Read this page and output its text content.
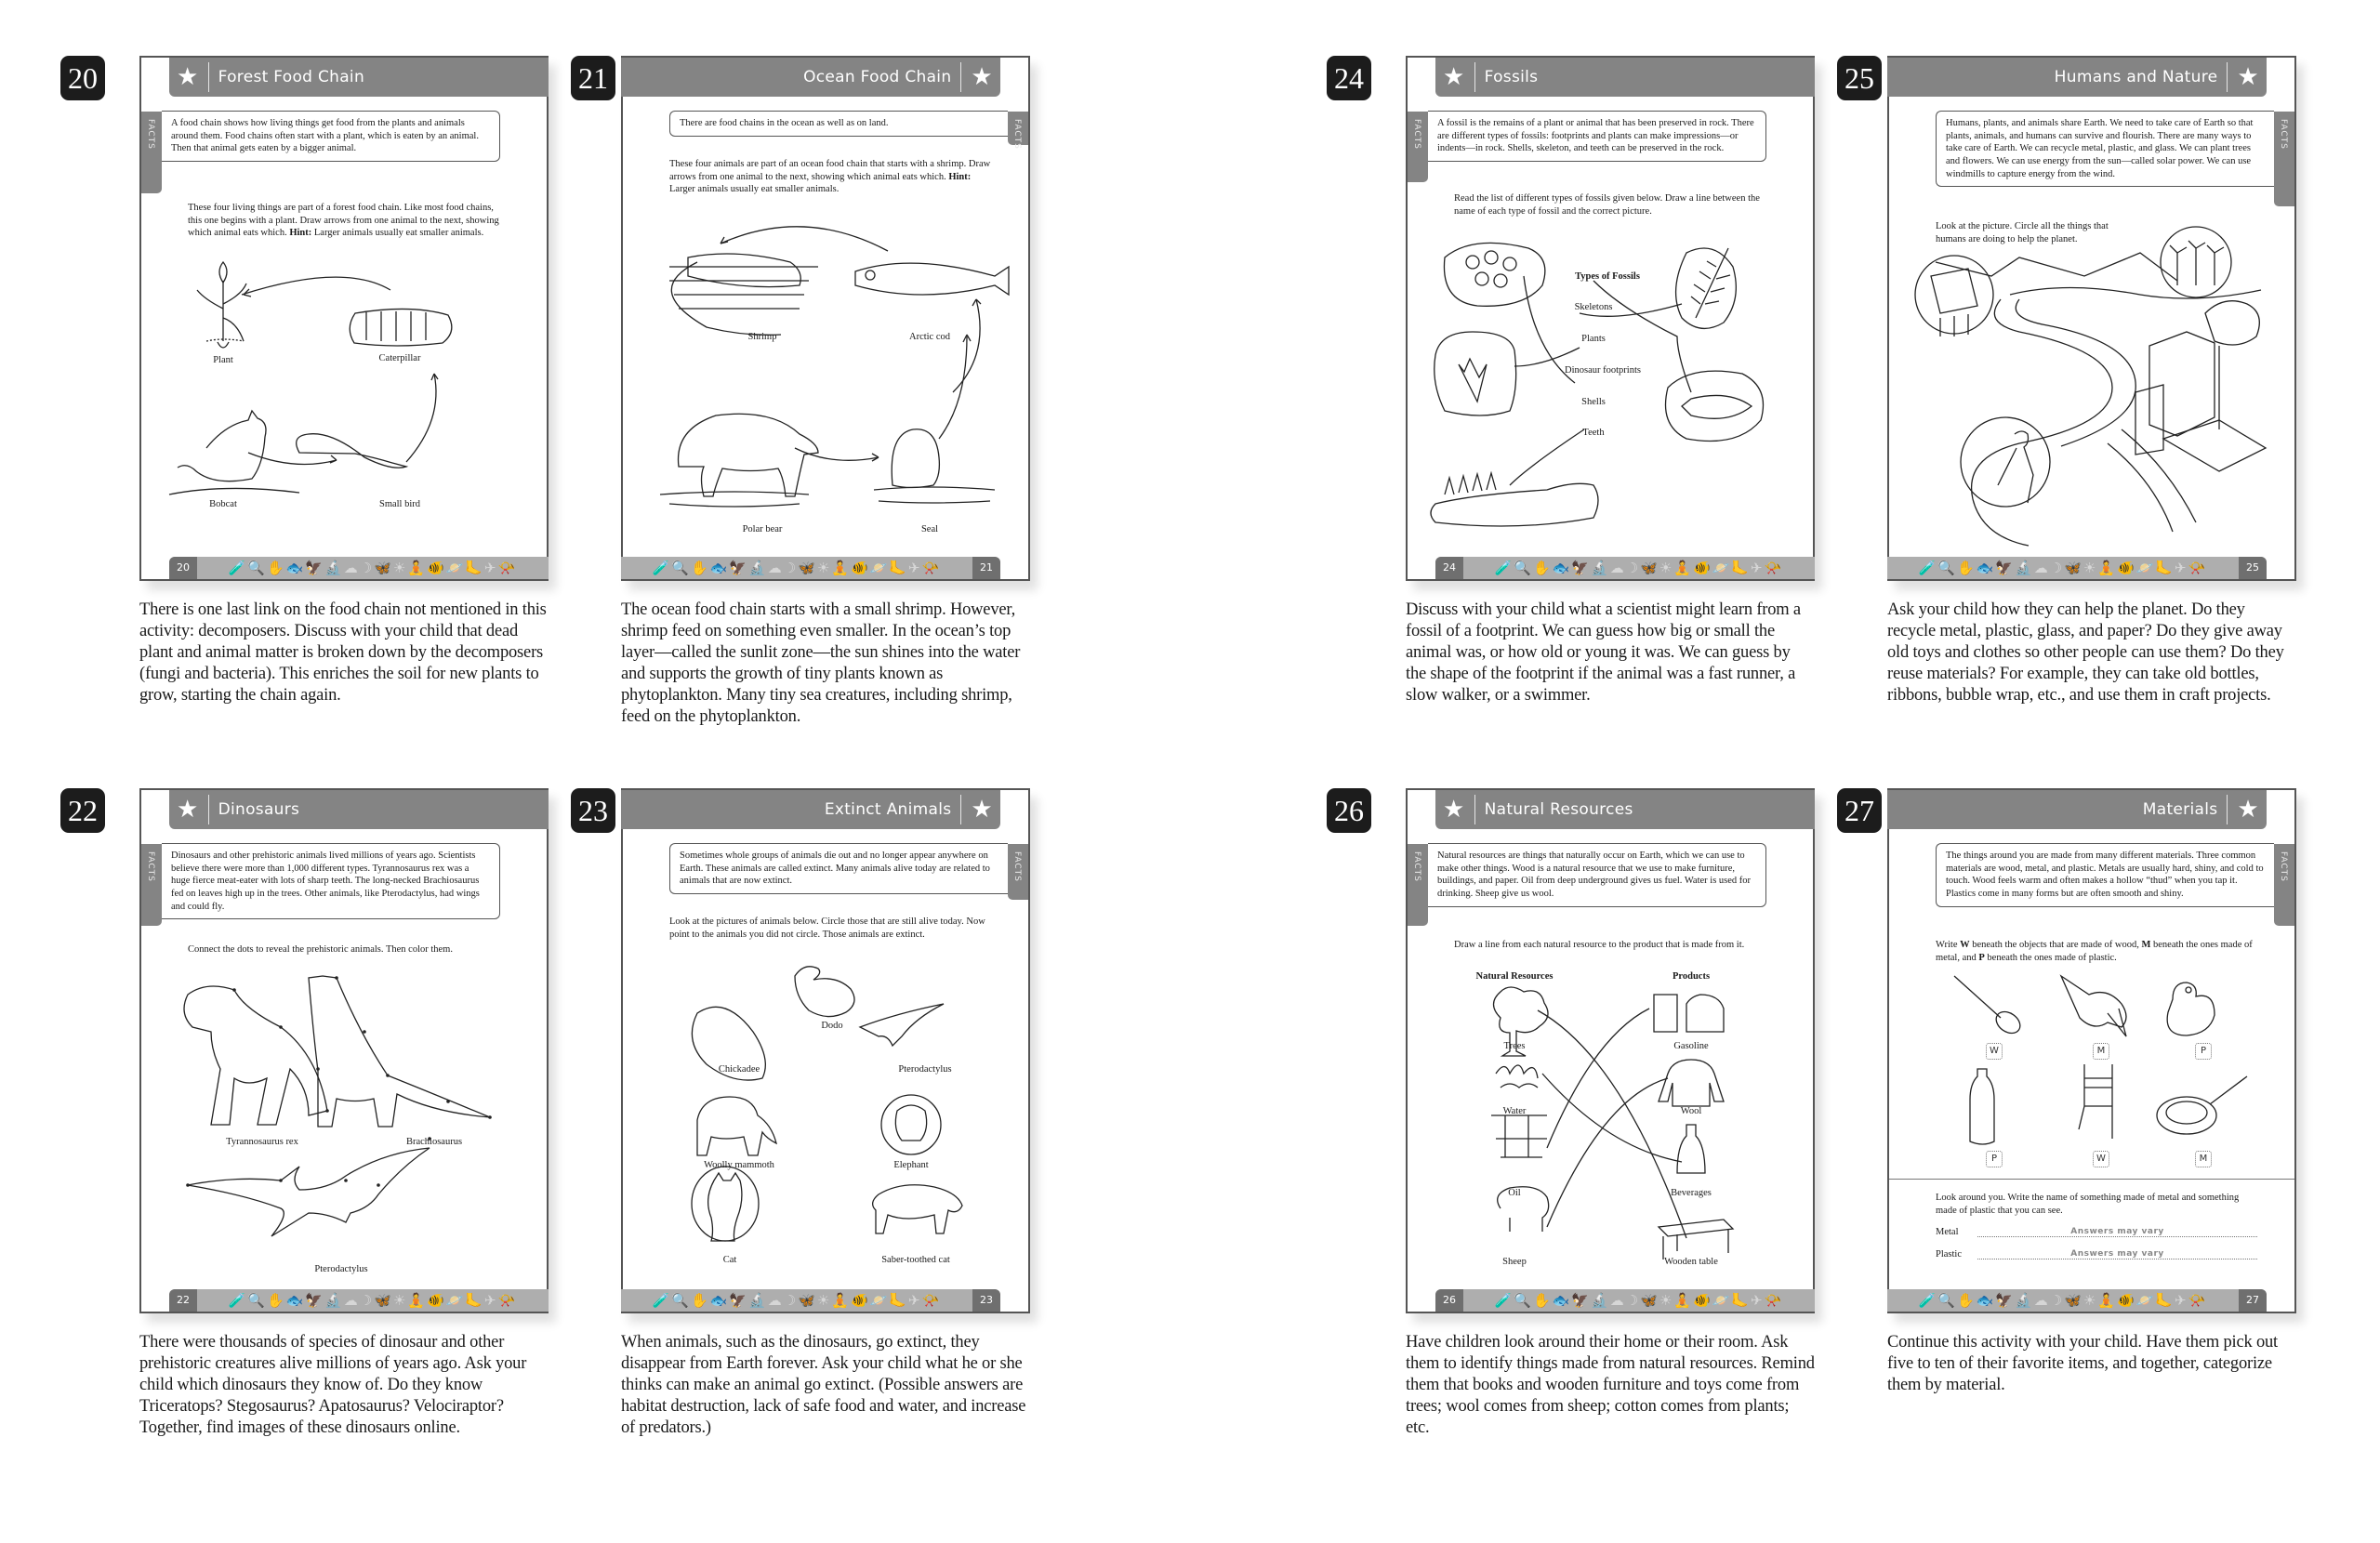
20	★ Forest Food Chain
FACTS	A food chain shows how living things get food from the plants and animals around them. Food chains often start with a plant, which is eaten by an animal. Then that animal gets eaten by a bigger animal.
These four living things are part of a forest food chain. Like most food chains, this one begins with a plant. Draw arrows from one animal to the next, showing which animal eats which. Hint: Larger animals usually eat smaller animals.
Plant	Caterpillar
Bobcat	Small bird
20	🧪🔍✋🐟🦅🔬☁☽🦋☀🧘🐠🪐🦶✈📯

There is one last link on the food chain not mentioned in this activity: decomposers. Discuss with your child that dead plant and animal matter is broken down by the decomposers (fungi and bacteria). This enriches the soil for new plants to grow, starting the chain again.

21	Ocean Food Chain ★
FACTS
There are food chains in the ocean as well as on land.
These four animals are part of an ocean food chain that starts with a shrimp. Draw arrows from one animal to the next, showing which animal eats which. Hint: Larger animals usually eat smaller animals.
Shrimp	Arctic cod
Polar bear	Seal
🧪🔍✋🐟🦅🔬☁☽🦋☀🧘🐠🪐🦶✈📯	21

The ocean food chain starts with a small shrimp. However, shrimp feed on something even smaller. In the ocean’s top layer—called the sunlit zone—the sun shines into the water and supports the growth of tiny plants known as phytoplankton. Many tiny sea creatures, including shrimp, feed on the phytoplankton.

22	★ Dinosaurs
FACTS	Dinosaurs and other prehistoric animals lived millions of years ago. Scientists believe there were more than 1,000 different types. Tyrannosaurus rex was a huge fierce meat-eater with lots of sharp teeth. The long-necked Brachiosaurus fed on leaves high up in the trees. Other animals, like Pterodactylus, had wings and could fly.
Connect the dots to reveal the prehistoric animals. Then color them.
Tyrannosaurus rex	Brachiosaurus
Pterodactylus
22	🧪🔍✋🐟🦅🔬☁☽🦋☀🧘🐠🪐🦶✈📯

There were thousands of species of dinosaur and other prehistoric creatures alive millions of years ago. Ask your child which dinosaurs they know of. Do they know Triceratops? Stegosaurus? Apatosaurus? Velociraptor? Together, find images of these dinosaurs online.

23	Extinct Animals ★
FACTS
Sometimes whole groups of animals die out and no longer appear anywhere on Earth. These animals are called extinct. Many animals alive today are related to animals that are now extinct.
Look at the pictures of animals below. Circle those that are still alive today. Now point to the animals you did not circle. Those animals are extinct.
Dodo
Chickadee	Pterodactylus
Woolly mammoth	Elephant
Cat	Saber-toothed cat
🧪🔍✋🐟🦅🔬☁☽🦋☀🧘🐠🪐🦶✈📯	23

When animals, such as the dinosaurs, go extinct, they disappear from Earth forever. Ask your child what he or she thinks can make an animal go extinct. (Possible answers are habitat destruction, lack of safe food and water, and increase of predators.)

24	★ Fossils
FACTS	A fossil is the remains of a plant or animal that has been preserved in rock. There are different types of fossils: footprints and plants can make impressions—or indents—in rock. Shells, skeleton, and teeth can be preserved in the rock.
Read the list of different types of fossils given below. Draw a line between the name of each type of fossil and the correct picture.
Types of Fossils
Skeletons
Plants
Dinosaur footprints
Shells
Teeth
24	🧪🔍✋🐟🦅🔬☁☽🦋☀🧘🐠🪐🦶✈📯

Discuss with your child what a scientist might learn from a fossil of a footprint. We can guess how big or small the animal was, or how old or young it was. We can guess by the shape of the footprint if the animal was a fast runner, a slow walker, or a swimmer.

25	Humans and Nature ★
FACTS
Humans, plants, and animals share Earth. We need to take care of Earth so that plants, animals, and humans can survive and flourish. There are many ways to take care of Earth. We can recycle metal, plastic, and glass. We can plant trees and flowers. We can use energy from the sun—called solar power. We can use windmills to capture energy from the wind.
Look at the picture. Circle all the things that humans are doing to help the planet.
🧪🔍✋🐟🦅🔬☁☽🦋☀🧘🐠🪐🦶✈📯	25

Ask your child how they can help the planet. Do they recycle metal, plastic, glass, and paper? Do they give away old toys and clothes so other people can use them? Do they reuse materials? For example, they can take old bottles, ribbons, bubble wrap, etc., and use them in craft projects.

26	★ Natural Resources
FACTS	Natural resources are things that naturally occur on Earth, which we can use to make other things. Wood is a natural resource that we use to make furniture, buildings, and paper. Oil from deep underground gives us fuel. Water is used for drinking. Sheep give us wool.
Draw a line from each natural resource to the product that is made from it.
Natural Resources	Products
Trees
Water
Oil
Sheep
Gasoline
Wool
Beverages
Wooden table
26	🧪🔍✋🐟🦅🔬☁☽🦋☀🧘🐠🪐🦶✈📯

Have children look around their home or their room. Ask them to identify things made from natural resources. Remind them that books and wooden furniture and toys come from trees; wool comes from sheep; cotton comes from plants; etc.

27	Materials ★
FACTS
The things around you are made from many different materials. Three common materials are wood, metal, and plastic. Metals are usually hard, shiny, and cold to touch. Wood feels warm and often makes a hollow “thud” when you tap it. Plastics come in many forms but are often smooth and shiny.
Write W beneath the objects that are made of wood, M beneath the ones made of metal, and P beneath the ones made of plastic.
W	M	P
P	W	M
Look around you. Write the name of something made of metal and something made of plastic that you can see.
Metal	Answers may vary
Plastic	Answers may vary
🧪🔍✋🐟🦅🔬☁☽🦋☀🧘🐠🪐🦶✈📯	27

Continue this activity with your child. Have them pick out five to ten of their favorite items, and together, categorize them by material.
